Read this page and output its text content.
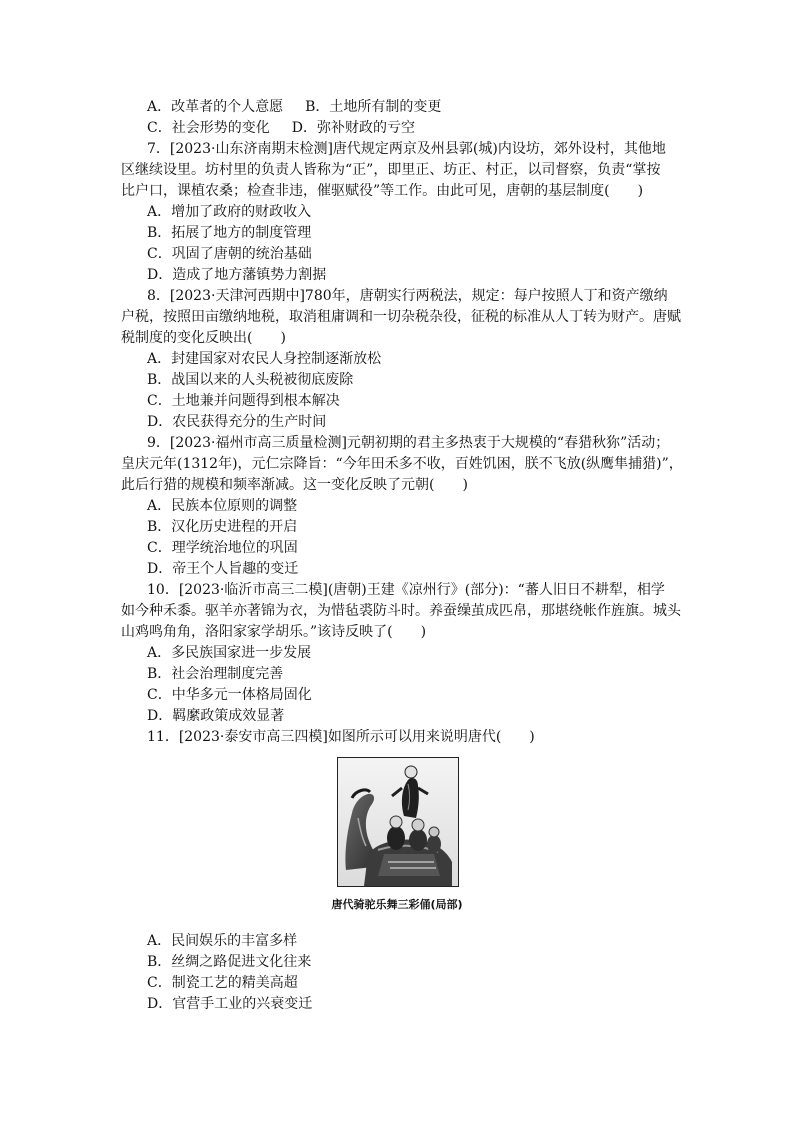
A．改革者的个人意愿 B．土地所有制的变更
C．社会形势的变化 D．弥补财政的亏空
7．[2023·山东济南期末检测]唐代规定两京及州县郭(城)内设坊，郊外设村，其他地
区继续设里。坊村里的负责人皆称为“正”，即里正、坊正、村正，以司督察，负责“掌按
比户口，课植农桑；检查非违，催驱赋役”等工作。由此可见，唐朝的基层制度(　　)
A．增加了政府的财政收入
B．拓展了地方的制度管理
C．巩固了唐朝的统治基础
D．造成了地方藩镇势力割据
8．[2023·天津河西期中]780年，唐朝实行两税法，规定：每户按照人丁和资产缴纳
户税，按照田亩缴纳地税，取消租庸调和一切杂税杂役，征税的标准从人丁转为财产。唐赋
税制度的变化反映出(　　)
A．封建国家对农民人身控制逐渐放松
B．战国以来的人头税被彻底废除
C．土地兼并问题得到根本解决
D．农民获得充分的生产时间
9．[2023·福州市高三质量检测]元朝初期的君主多热衷于大规模的“春猎秋狝”活动；
皇庆元年(1312年)，元仁宗降旨：“今年田禾多不收，百姓饥困，朕不飞放(纵鹰隼捕猎)”，
此后行猎的规模和频率渐减。这一变化反映了元朝(　　)
A．民族本位原则的调整
B．汉化历史进程的开启
C．理学统治地位的巩固
D．帝王个人旨趣的变迁
10．[2023·临沂市高三二模](唐朝)王建《凉州行》(部分)：“蕃人旧日不耕犁，相学
如今种禾黍。驱羊亦著锦为衣，为惜毡裘防斗时。养蚕缲茧成匹帛，那堪绕帐作旌旗。城头
山鸡鸣角角，洛阳家家学胡乐。”该诗反映了(　　)
A．多民族国家进一步发展
B．社会治理制度完善
C．中华多元一体格局固化
D．羁縻政策成效显著
11．[2023·泰安市高三四模]如图所示可以用来说明唐代(　　)
唐代骑驼乐舞三彩俑(局部)
A．民间娱乐的丰富多样
B．丝绸之路促进文化往来
C．制瓷工艺的精美高超
D．官营手工业的兴衰变迁
